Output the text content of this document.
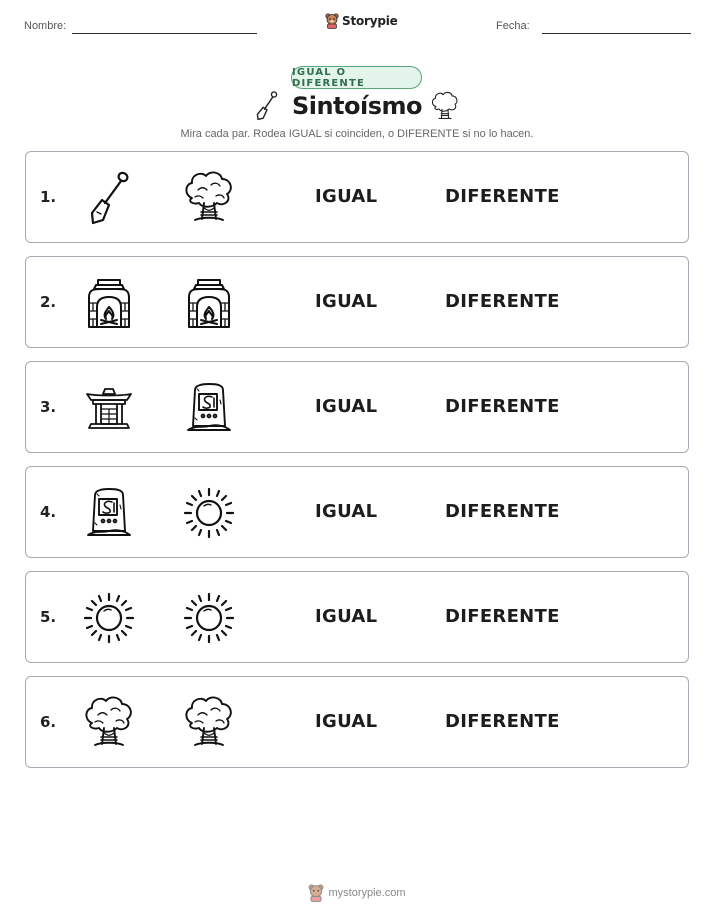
Nombre:	Storypie	Fecha:
IGUAL O DIFERENTE
Sintoísmo

Mira cada par. Rodea IGUAL si coinciden, o DIFERENTE si no lo hacen.

1.	IGUAL	DIFERENTE
2.	IGUAL	DIFERENTE
3.	IGUAL	DIFERENTE
4.	IGUAL	DIFERENTE
5.	IGUAL	DIFERENTE
6.	IGUAL	DIFERENTE
mystorypie.com
